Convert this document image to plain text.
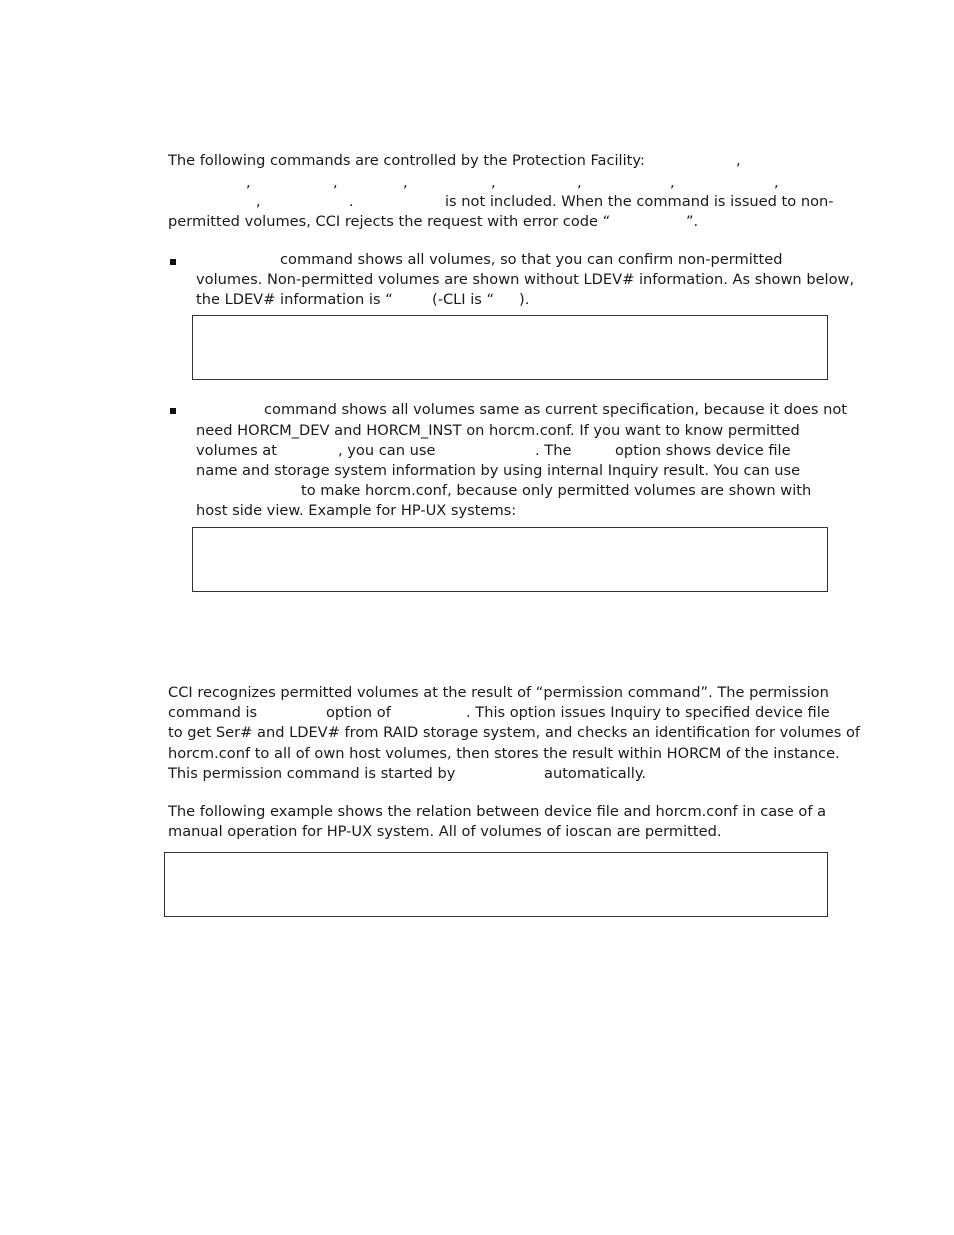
The following commands are controlled by the Protection Facility:	,

,	,	,	,	,	,	,

,	.	is not included. When the command is issued to non-

permitted volumes, CCI rejects the request with error code “	”.

command shows all volumes, so that you can confirm non-permitted

volumes. Non-permitted volumes are shown without LDEV# information. As shown below,

the LDEV# information is “	(-CLI is “ ).

command shows all volumes same as current specification, because it does not

need HORCM_DEV and HORCM_INST on horcm.conf. If you want to know permitted

volumes at	, you can use	. The	option shows device file

name and storage system information by using internal Inquiry result. You can use

to make horcm.conf, because only permitted volumes are shown with

host side view. Example for HP-UX systems:

CCI recognizes permitted volumes at the result of “permission command”. The permission

command is	option of	. This option issues Inquiry to specified device file

to get Ser# and LDEV# from RAID storage system, and checks an identification for volumes of

horcm.conf to all of own host volumes, then stores the result within HORCM of the instance.

This permission command is started by	automatically.

The following example shows the relation between device file and horcm.conf in case of a

manual operation for HP-UX system. All of volumes of ioscan are permitted.
